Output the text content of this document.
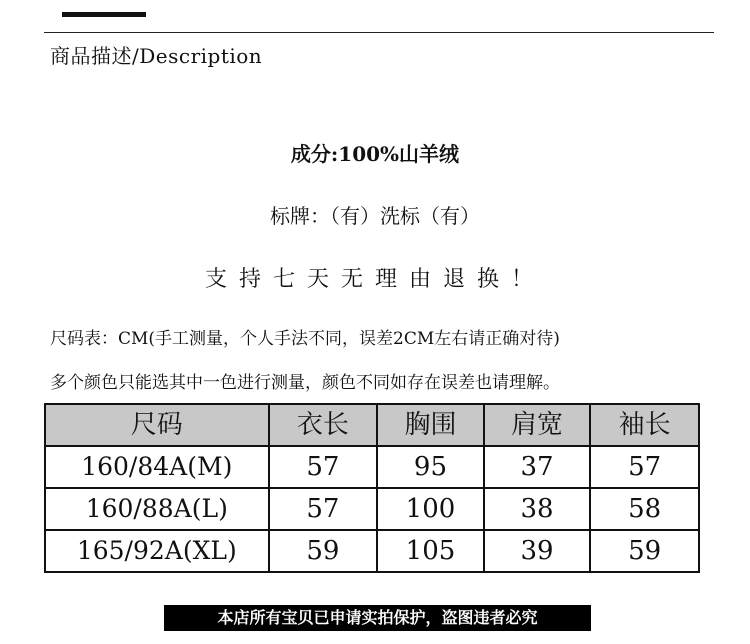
商品描述/Description
成分:100%山羊绒
标牌：（有）洗标（有）
支持七天无理由退换！
尺码表：CM(手工测量，个人手法不同，误差2CM左右请正确对待)
多个颜色只能选其中一色进行测量，颜色不同如存在误差也请理解。
尺码	衣长	胸围	肩宽	袖长
160/84A(M)	57	95	37	57
160/88A(L)	57	100	38	58
165/92A(XL)	59	105	39	59
本店所有宝贝已申请实拍保护，盗图违者必究
